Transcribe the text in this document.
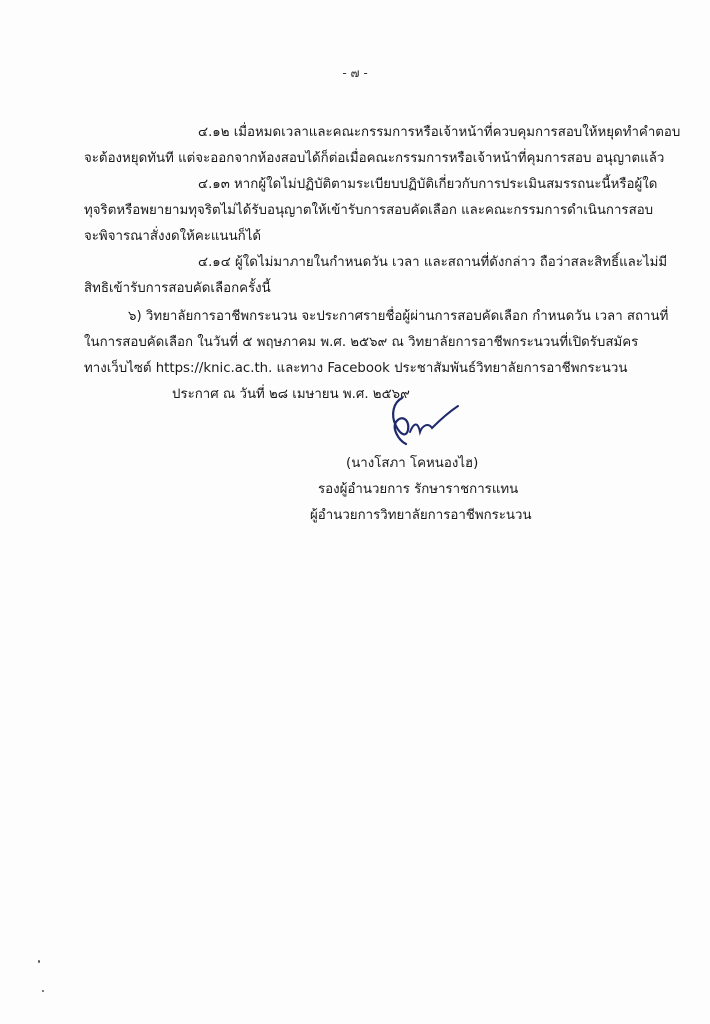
- ๗ -
๔.๑๒ เมื่อหมดเวลาและคณะกรรมการหรือเจ้าหน้าที่ควบคุมการสอบให้หยุดทำคำตอบ
จะต้องหยุดทันที แต่จะออกจากห้องสอบได้ก็ต่อเมื่อคณะกรรมการหรือเจ้าหน้าที่คุมการสอบ อนุญาตแล้ว
๔.๑๓ หากผู้ใดไม่ปฏิบัติตามระเบียบปฏิบัติเกี่ยวกับการประเมินสมรรถนะนี้หรือผู้ใด
ทุจริตหรือพยายามทุจริตไม่ได้รับอนุญาตให้เข้ารับการสอบคัดเลือก และคณะกรรมการดำเนินการสอบ
จะพิจารณาสั่งงดให้คะแนนก็ได้
๔.๑๔ ผู้ใดไม่มาภายในกำหนดวัน เวลา และสถานที่ดังกล่าว ถือว่าสละสิทธิ์และไม่มี
สิทธิเข้ารับการสอบคัดเลือกครั้งนี้
๖) วิทยาลัยการอาชีพกระนวน จะประกาศรายชื่อผู้ผ่านการสอบคัดเลือก กำหนดวัน เวลา สถานที่
ในการสอบคัดเลือก ในวันที่ ๕ พฤษภาคม พ.ศ. ๒๕๖๙ ณ วิทยาลัยการอาชีพกระนวนที่เปิดรับสมัคร
ทางเว็บไซต์ https://knic.ac.th. และทาง Facebook ประชาสัมพันธ์วิทยาลัยการอาชีพกระนวน
ประกาศ ณ วันที่ ๒๘ เมษายน พ.ศ. ๒๕๖๙
(นางโสภา โคหนองไฮ)
รองผู้อำนวยการ รักษาราชการแทน
ผู้อำนวยการวิทยาลัยการอาชีพกระนวน
